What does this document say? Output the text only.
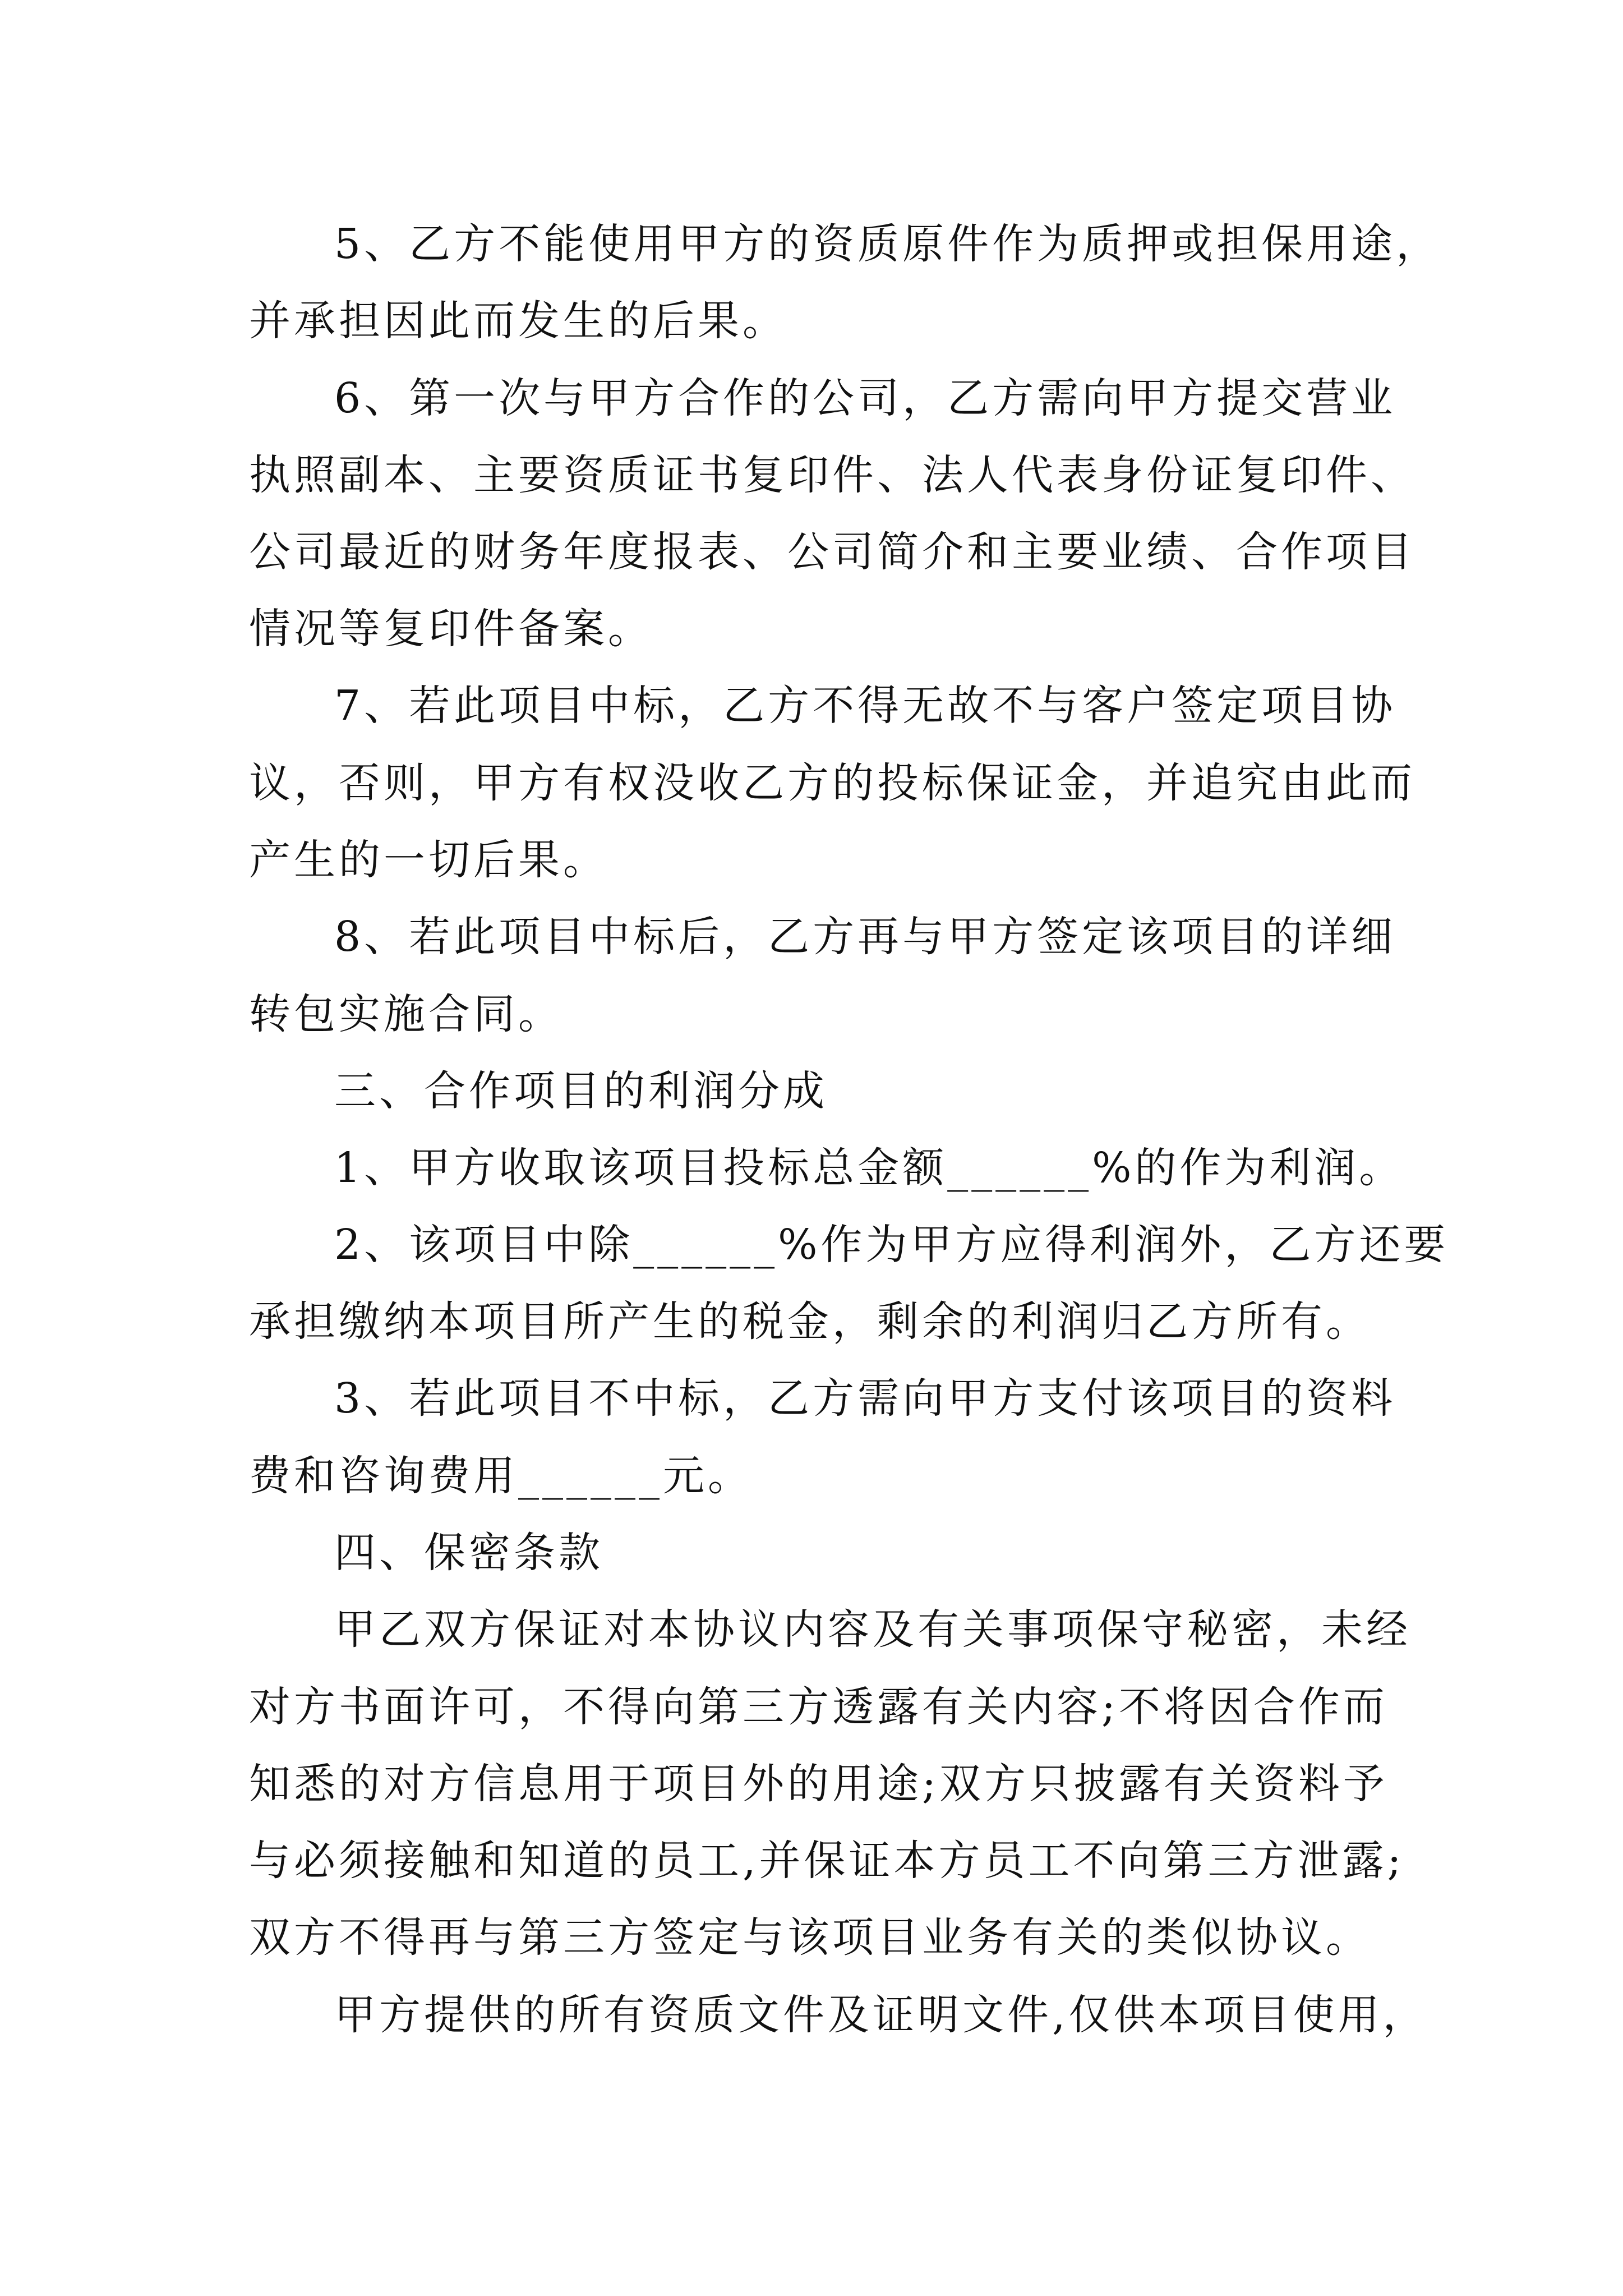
5、乙方不能使用甲方的资质原件作为质押或担保用途，
并承担因此而发生的后果。
6、第一次与甲方合作的公司，乙方需向甲方提交营业
执照副本、主要资质证书复印件、法人代表身份证复印件、
公司最近的财务年度报表、公司简介和主要业绩、合作项目
情况等复印件备案。
7、若此项目中标，乙方不得无故不与客户签定项目协
议，否则，甲方有权没收乙方的投标保证金，并追究由此而
产生的一切后果。
8、若此项目中标后，乙方再与甲方签定该项目的详细
转包实施合同。
三、合作项目的利润分成
1、甲方收取该项目投标总金额______%的作为利润。
2、该项目中除______%作为甲方应得利润外，乙方还要
承担缴纳本项目所产生的税金，剩余的利润归乙方所有。
3、若此项目不中标，乙方需向甲方支付该项目的资料
费和咨询费用______元。
四、保密条款
甲乙双方保证对本协议内容及有关事项保守秘密，未经
对方书面许可，不得向第三方透露有关内容;不将因合作而
知悉的对方信息用于项目外的用途;双方只披露有关资料予
与必须接触和知道的员工,并保证本方员工不向第三方泄露;
双方不得再与第三方签定与该项目业务有关的类似协议。
甲方提供的所有资质文件及证明文件,仅供本项目使用，
